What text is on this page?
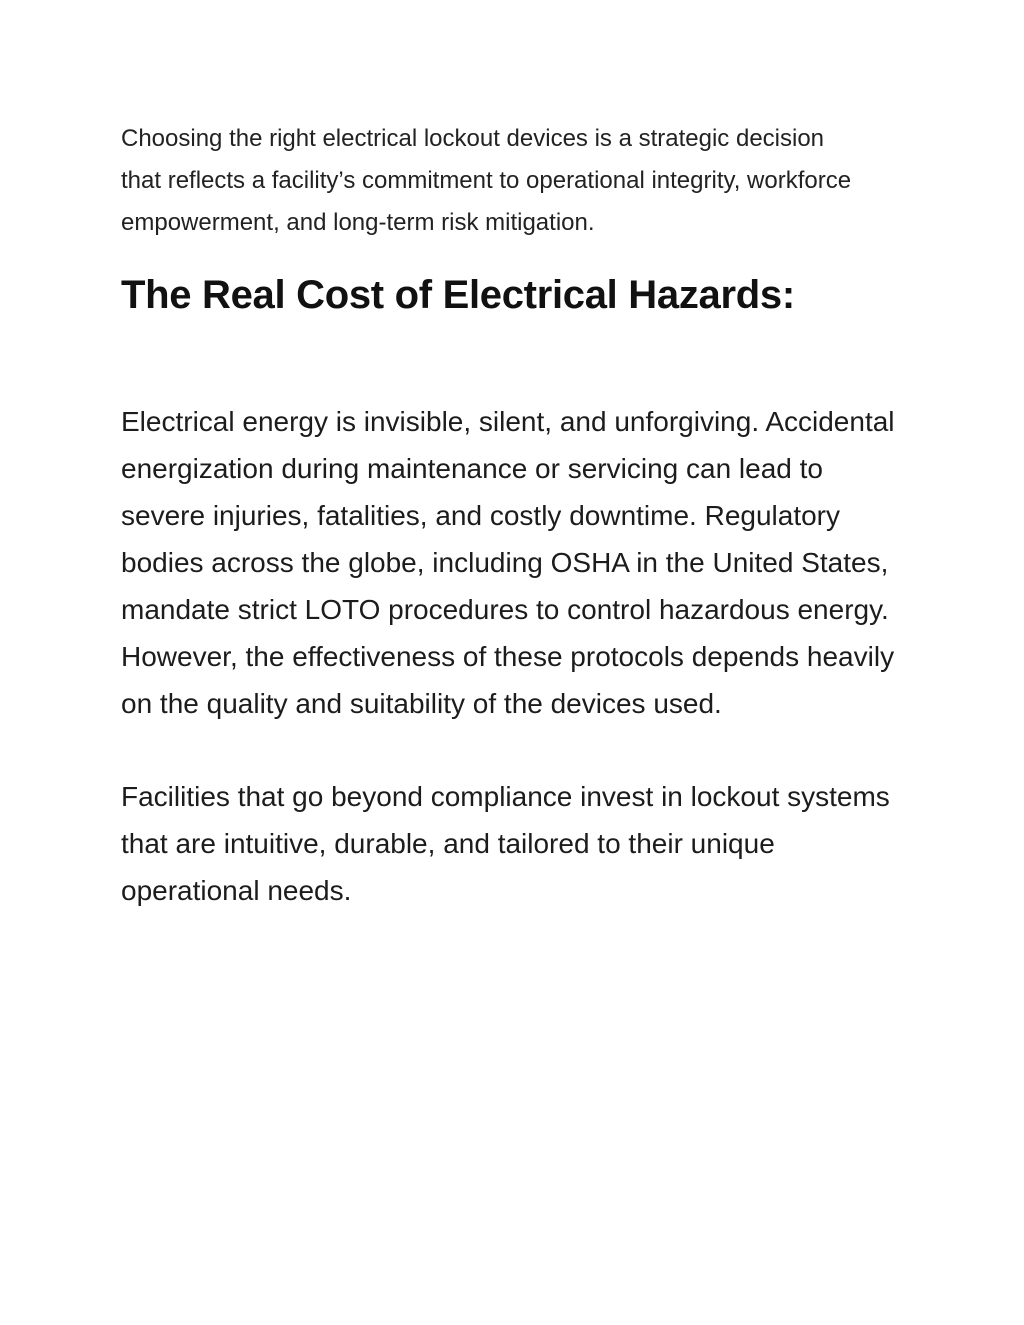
Choosing the right electrical lockout devices is a strategic decision that reflects a facility’s commitment to operational integrity, workforce empowerment, and long-term risk mitigation.

The Real Cost of Electrical Hazards:

Electrical energy is invisible, silent, and unforgiving. Accidental energization during maintenance or servicing can lead to severe injuries, fatalities, and costly downtime. Regulatory bodies across the globe, including OSHA in the United States, mandate strict LOTO procedures to control hazardous energy. However, the effectiveness of these protocols depends heavily on the quality and suitability of the devices used.

Facilities that go beyond compliance invest in lockout systems that are intuitive, durable, and tailored to their unique operational needs.
